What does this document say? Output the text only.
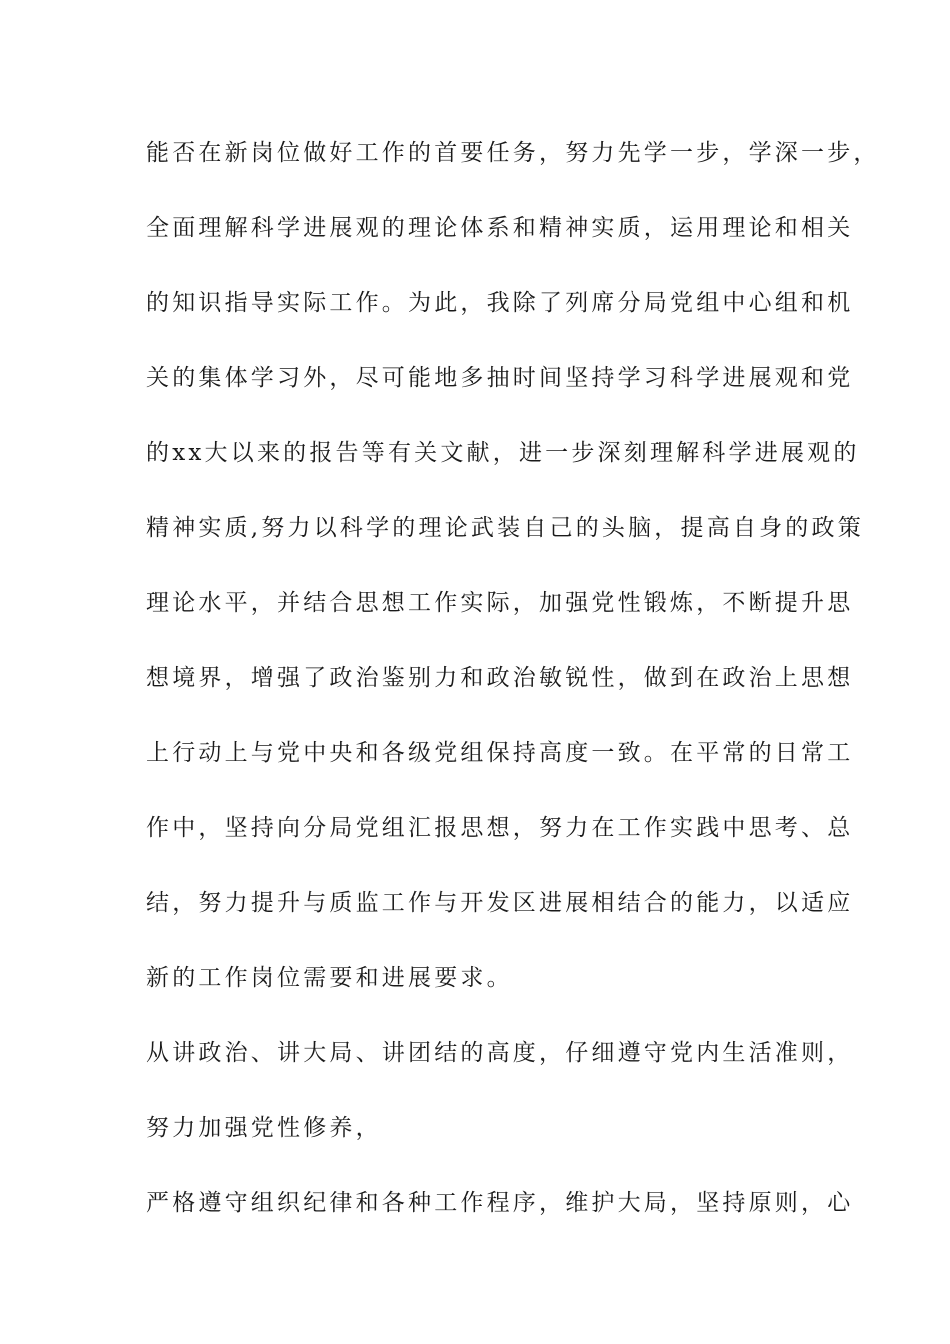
能否在新岗位做好工作的首要任务，努力先学一步，学深一步，
全面理解科学进展观的理论体系和精神实质，运用理论和相关
的知识指导实际工作。为此，我除了列席分局党组中心组和机
关的集体学习外，尽可能地多抽时间坚持学习科学进展观和党
的xx大以来的报告等有关文献，进一步深刻理解科学进展观的
精神实质,努力以科学的理论武装自己的头脑，提高自身的政策
理论水平，并结合思想工作实际，加强党性锻炼，不断提升思
想境界，增强了政治鉴别力和政治敏锐性，做到在政治上思想
上行动上与党中央和各级党组保持高度一致。在平常的日常工
作中，坚持向分局党组汇报思想，努力在工作实践中思考、总
结，努力提升与质监工作与开发区进展相结合的能力，以适应
新的工作岗位需要和进展要求。
从讲政治、讲大局、讲团结的高度，仔细遵守党内生活准则，
努力加强党性修养，
严格遵守组织纪律和各种工作程序，维护大局，坚持原则，心
